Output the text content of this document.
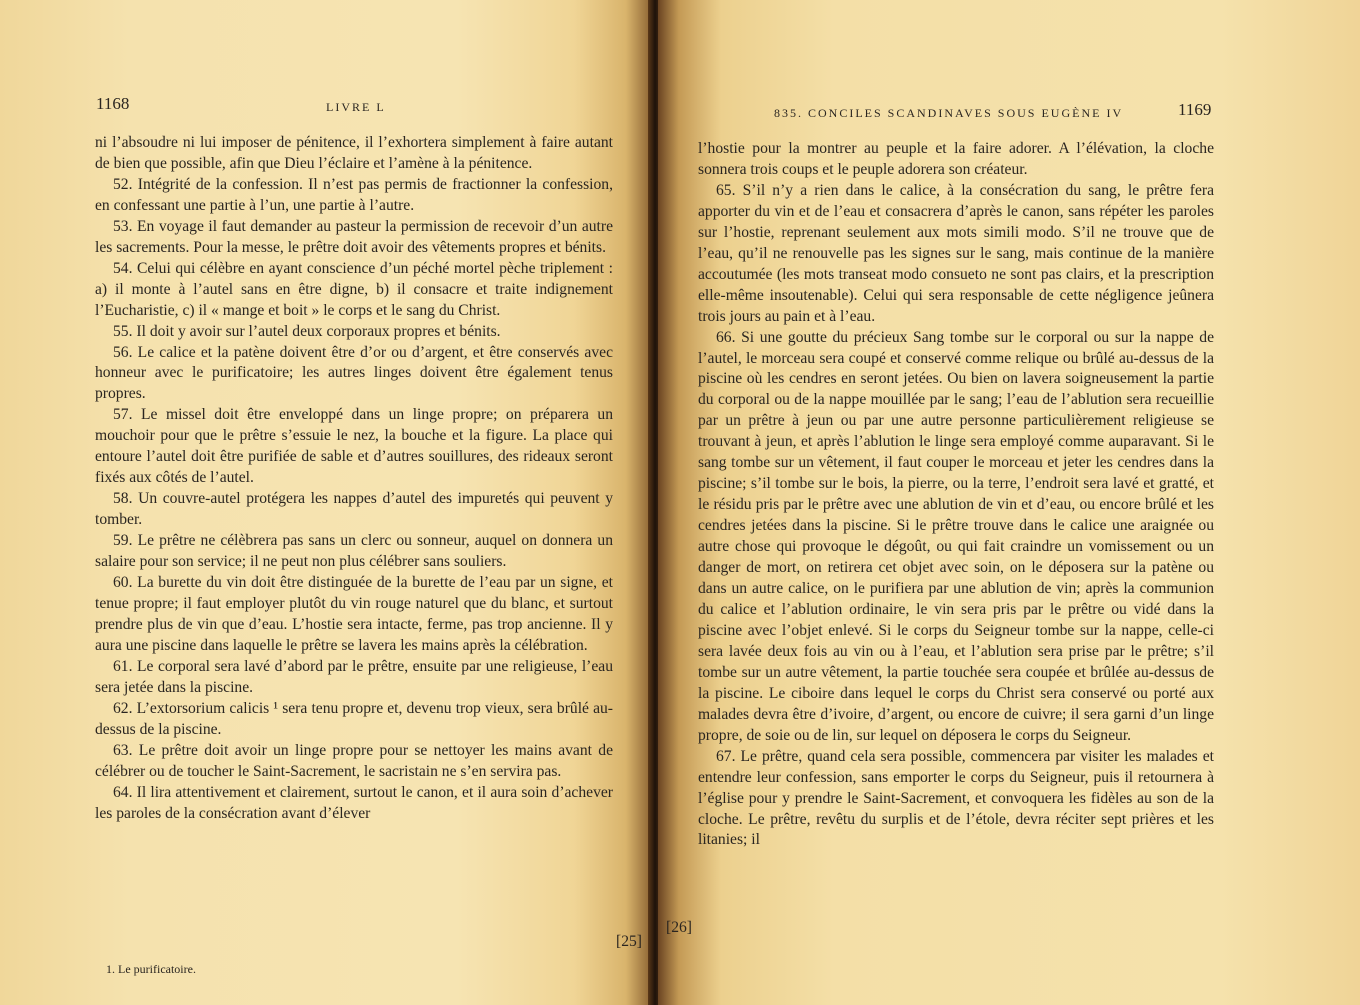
1168	LIVRE L

ni l’absoudre ni lui imposer de pénitence, il l’exhortera simplement à faire autant de bien que possible, afin que Dieu l’éclaire et l’amène à la pénitence.

52. Intégrité de la confession. Il n’est pas permis de fractionner la confession, en confessant une partie à l’un, une partie à l’autre.

53. En voyage il faut demander au pasteur la permission de recevoir d’un autre les sacrements. Pour la messe, le prêtre doit avoir des vêtements propres et bénits.

54. Celui qui célèbre en ayant conscience d’un péché mortel pèche triplement : a) il monte à l’autel sans en être digne, b) il consacre et traite indignement l’Eucharistie, c) il « mange et boit » le corps et le sang du Christ.

55. Il doit y avoir sur l’autel deux corporaux propres et bénits.

56. Le calice et la patène doivent être d’or ou d’argent, et être conservés avec honneur avec le purificatoire; les autres linges doivent être également tenus propres.

57. Le missel doit être enveloppé dans un linge propre; on préparera un mouchoir pour que le prêtre s’essuie le nez, la bouche et la figure. La place qui entoure l’autel doit être purifiée de sable et d’autres souillures, des rideaux seront fixés aux côtés de l’autel.

58. Un couvre-autel protégera les nappes d’autel des impuretés qui peuvent y tomber.

59. Le prêtre ne célèbrera pas sans un clerc ou sonneur, auquel on donnera un salaire pour son service; il ne peut non plus célébrer sans souliers.

60. La burette du vin doit être distinguée de la burette de l’eau par un signe, et tenue propre; il faut employer plutôt du vin rouge naturel que du blanc, et surtout prendre plus de vin que d’eau. L’hostie sera intacte, ferme, pas trop ancienne. Il y aura une piscine dans laquelle le prêtre se lavera les mains après la célébration.

61. Le corporal sera lavé d’abord par le prêtre, ensuite par une religieuse, l’eau sera jetée dans la piscine.

62. L’extorsorium calicis ¹ sera tenu propre et, devenu trop vieux, sera brûlé au-dessus de la piscine.

63. Le prêtre doit avoir un linge propre pour se nettoyer les mains avant de célébrer ou de toucher le Saint-Sacrement, le sacristain ne s’en servira pas.

64. Il lira attentivement et clairement, surtout le canon, et il aura soin d’achever les paroles de la consécration avant d’élever

[25]
1. Le purificatoire.
835. CONCILES SCANDINAVES SOUS EUGÈNE IV	1169

l’hostie pour la montrer au peuple et la faire adorer. A l’élévation, la cloche sonnera trois coups et le peuple adorera son créateur.

65. S’il n’y a rien dans le calice, à la consécration du sang, le prêtre fera apporter du vin et de l’eau et consacrera d’après le canon, sans répéter les paroles sur l’hostie, reprenant seulement aux mots simili modo. S’il ne trouve que de l’eau, qu’il ne renouvelle pas les signes sur le sang, mais continue de la manière accoutumée (les mots transeat modo consueto ne sont pas clairs, et la prescription elle-même insoutenable). Celui qui sera responsable de cette négligence jeûnera trois jours au pain et à l’eau.

66. Si une goutte du précieux Sang tombe sur le corporal ou sur la nappe de l’autel, le morceau sera coupé et conservé comme relique ou brûlé au-dessus de la piscine où les cendres en seront jetées. Ou bien on lavera soigneusement la partie du corporal ou de la nappe mouillée par le sang; l’eau de l’ablution sera recueillie par un prêtre à jeun ou par une autre personne particulièrement religieuse se trouvant à jeun, et après l’ablution le linge sera employé comme auparavant. Si le sang tombe sur un vêtement, il faut couper le morceau et jeter les cendres dans la piscine; s’il tombe sur le bois, la pierre, ou la terre, l’endroit sera lavé et gratté, et le résidu pris par le prêtre avec une ablution de vin et d’eau, ou encore brûlé et les cendres jetées dans la piscine. Si le prêtre trouve dans le calice une araignée ou autre chose qui provoque le dégoût, ou qui fait craindre un vomissement ou un danger de mort, on retirera cet objet avec soin, on le déposera sur la patène ou dans un autre calice, on le purifiera par une ablution de vin; après la communion du calice et l’ablution ordinaire, le vin sera pris par le prêtre ou vidé dans la piscine avec l’objet enlevé. Si le corps du Seigneur tombe sur la nappe, celle-ci sera lavée deux fois au vin ou à l’eau, et l’ablution sera prise par le prêtre; s’il tombe sur un autre vêtement, la partie touchée sera coupée et brûlée au-dessus de la piscine. Le ciboire dans lequel le corps du Christ sera conservé ou porté aux malades devra être d’ivoire, d’argent, ou encore de cuivre; il sera garni d’un linge propre, de soie ou de lin, sur lequel on déposera le corps du Seigneur.

67. Le prêtre, quand cela sera possible, commencera par visiter les malades et entendre leur confession, sans emporter le corps du Seigneur, puis il retournera à l’église pour y prendre le Saint-Sacrement, et convoquera les fidèles au son de la cloche. Le prêtre, revêtu du surplis et de l’étole, devra réciter sept prières et les litanies; il

[26]
